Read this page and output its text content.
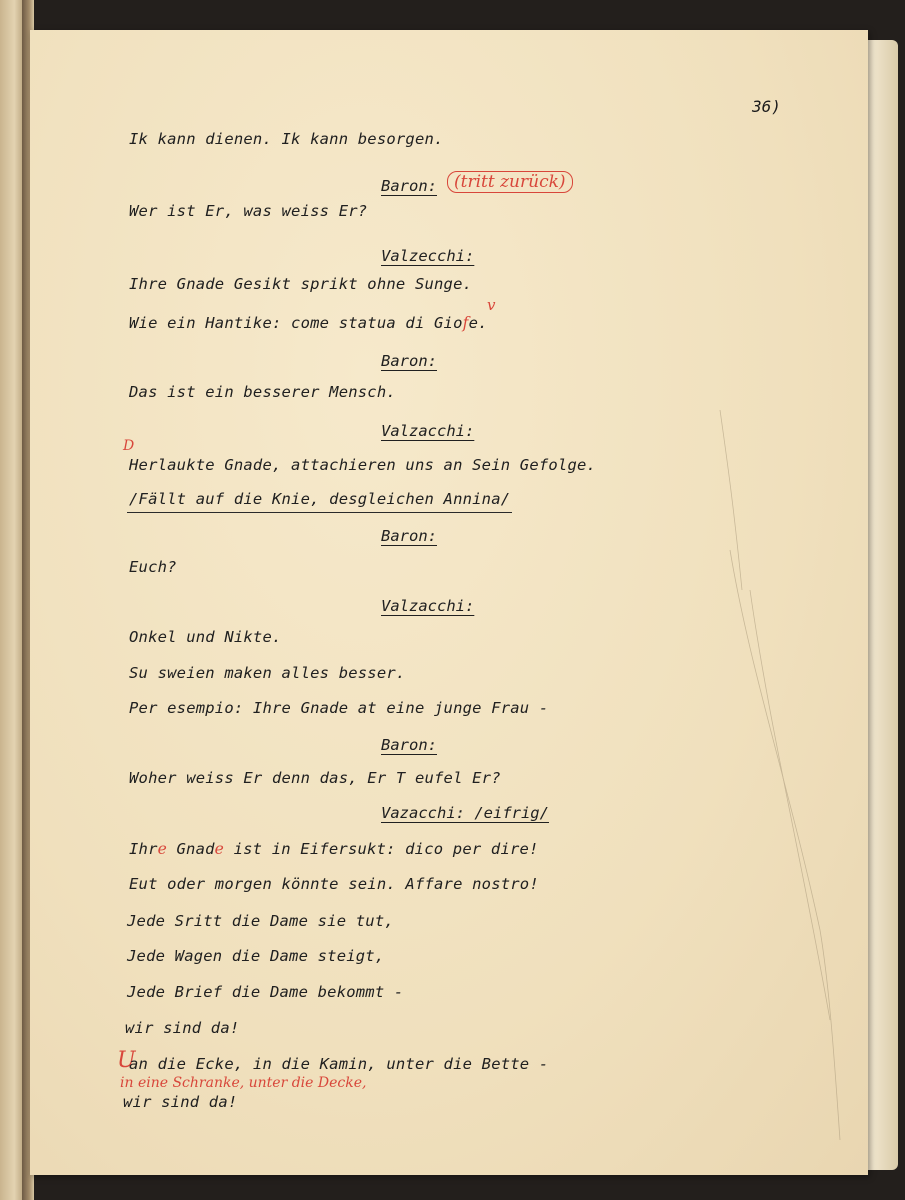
36)
Ik kann dienen. Ik kann besorgen.
Baron:	(tritt zurück)
Wer ist Er, was weiss Er?
Valzecchi:
Ihre Gnade Gesikt sprikt ohne Sunge.
Wie ein Hantike: come statua di Giofe.
v
Baron:
Das ist ein besserer Mensch.
Valzacchi:
D
Herlaukte Gnade, attachieren uns an Sein Gefolge.
/Fällt auf die Knie, desgleichen Annina/
Baron:
Euch?
Valzacchi:
Onkel und Nikte.
Su sweien maken alles besser.
Per esempio: Ihre Gnade at eine junge Frau -
Baron:
Woher weiss Er denn das, Er T eufel Er?
Vazacchi: /eifrig/
Ihre Gnade ist in Eifersukt: dico per dire!
Eut oder morgen könnte sein. Affare nostro!
Jede Sritt die Dame sie tut,
Jede Wagen die Dame steigt,
Jede Brief die Dame bekommt -
wir sind da!
U
an die Ecke, in die Kamin, unter die Bette -
in eine Schranke, unter die Decke,
wir sind da!
